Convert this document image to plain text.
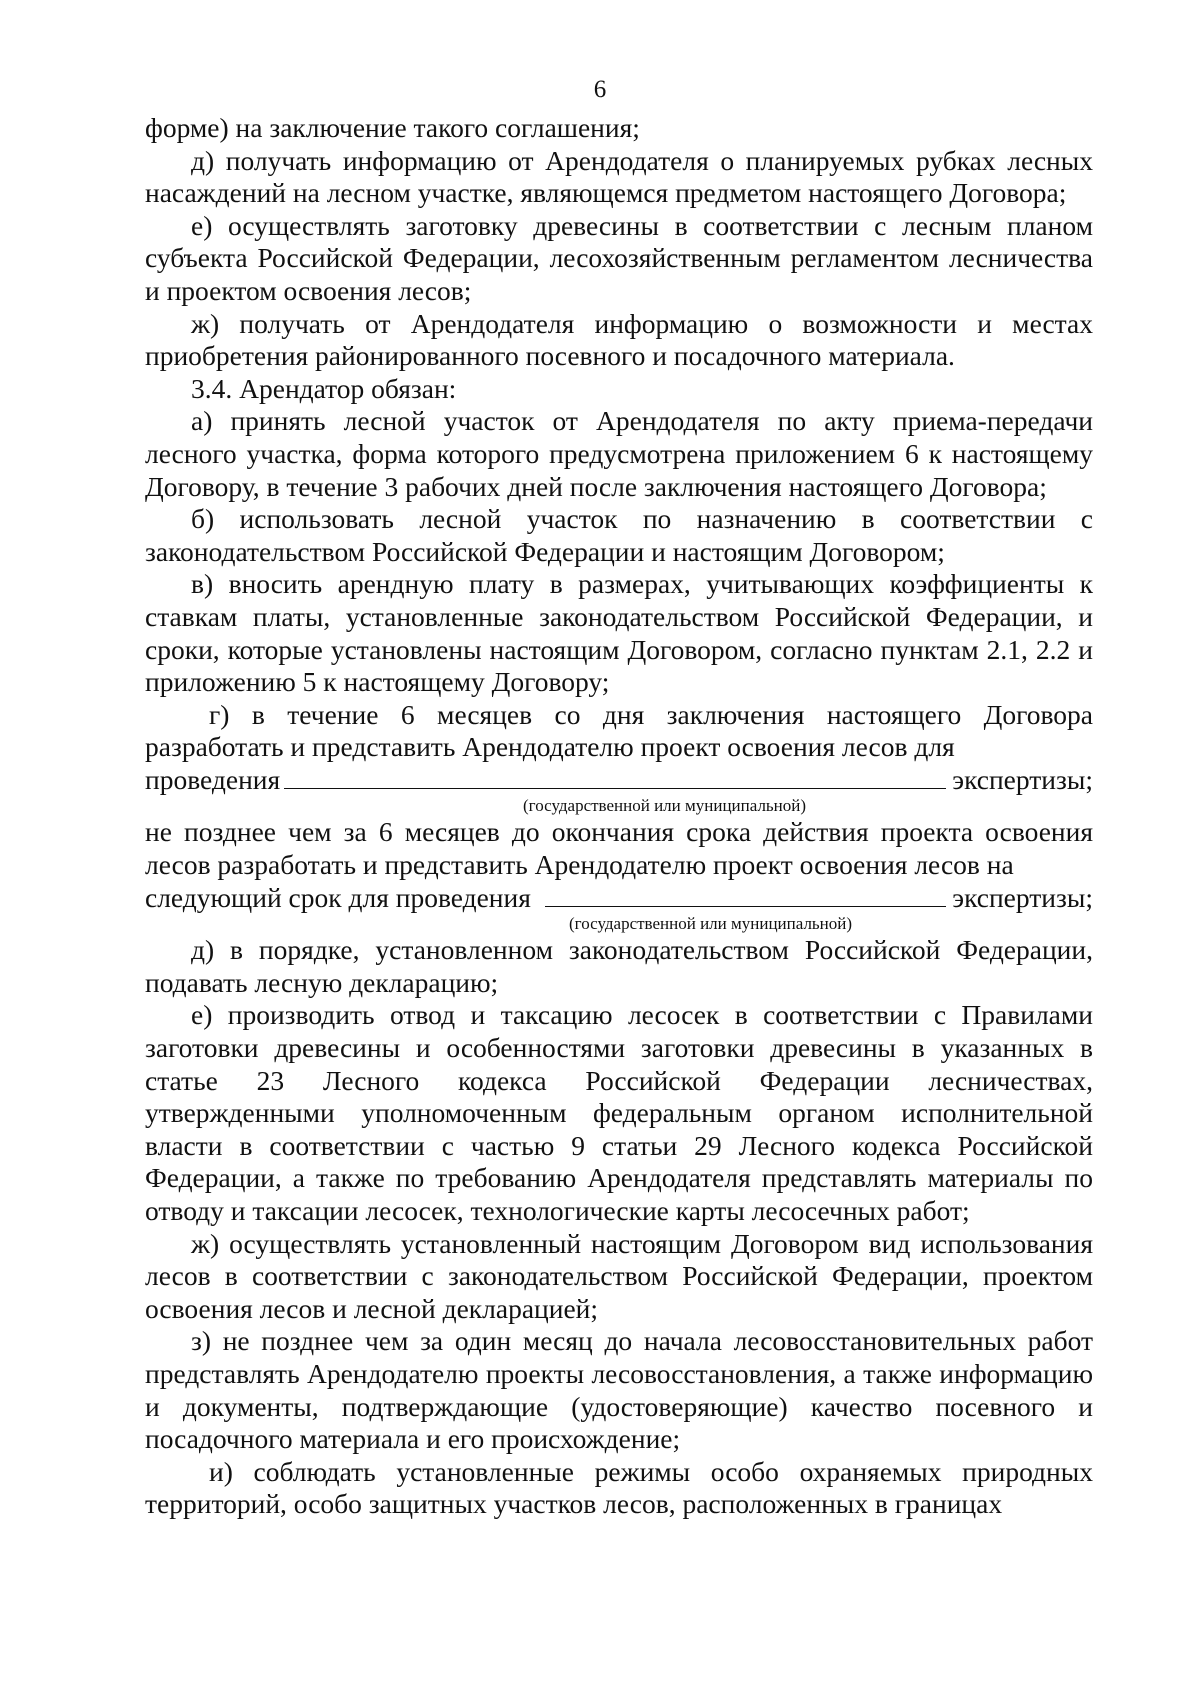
6

форме) на заключение такого соглашения;

д) получать информацию от Арендодателя о планируемых рубках лесных насаждений на лесном участке, являющемся предметом настоящего Договора;

е) осуществлять заготовку древесины в соответствии с лесным планом субъекта Российской Федерации, лесохозяйственным регламентом лесничества и проектом освоения лесов;

ж) получать от Арендодателя информацию о возможности и местах приобретения районированного посевного и посадочного материала.

3.4. Арендатор обязан:

а) принять лесной участок от Арендодателя по акту приема-передачи лесного участка, форма которого предусмотрена приложением 6 к настоящему Договору, в течение 3 рабочих дней после заключения настоящего Договора;

б) использовать лесной участок по назначению в соответствии с законодательством Российской Федерации и настоящим Договором;

в) вносить арендную плату в размерах, учитывающих коэффициенты к ставкам платы, установленные законодательством Российской Федерации, и сроки, которые установлены настоящим Договором, согласно пунктам 2.1, 2.2 и приложению 5 к настоящему Договору;

г) в течение 6 месяцев со дня заключения настоящего Договора разработать и представить Арендодателю проект освоения лесов для

проведения	экспертизы;

(государственной или муниципальной)

не позднее чем за 6 месяцев до окончания срока действия проекта освоения лесов разработать и представить Арендодателю проект освоения лесов на

следующий срок для проведения	экспертизы;

(государственной или муниципальной)

д) в порядке, установленном законодательством Российской Федерации, подавать лесную декларацию;

е) производить отвод и таксацию лесосек в соответствии с Правилами заготовки древесины и особенностями заготовки древесины в указанных в статье 23 Лесного кодекса Российской Федерации лесничествах, утвержденными уполномоченным федеральным органом исполнительной власти в соответствии с частью 9 статьи 29 Лесного кодекса Российской Федерации, а также по требованию Арендодателя представлять материалы по отводу и таксации лесосек, технологические карты лесосечных работ;

ж) осуществлять установленный настоящим Договором вид использования лесов в соответствии с законодательством Российской Федерации, проектом освоения лесов и лесной декларацией;

з) не позднее чем за один месяц до начала лесовосстановительных работ представлять Арендодателю проекты лесовосстановления, а также информацию и документы, подтверждающие (удостоверяющие) качество посевного и посадочного материала и его происхождение;

и) соблюдать установленные режимы особо охраняемых природных территорий, особо защитных участков лесов, расположенных в границах
